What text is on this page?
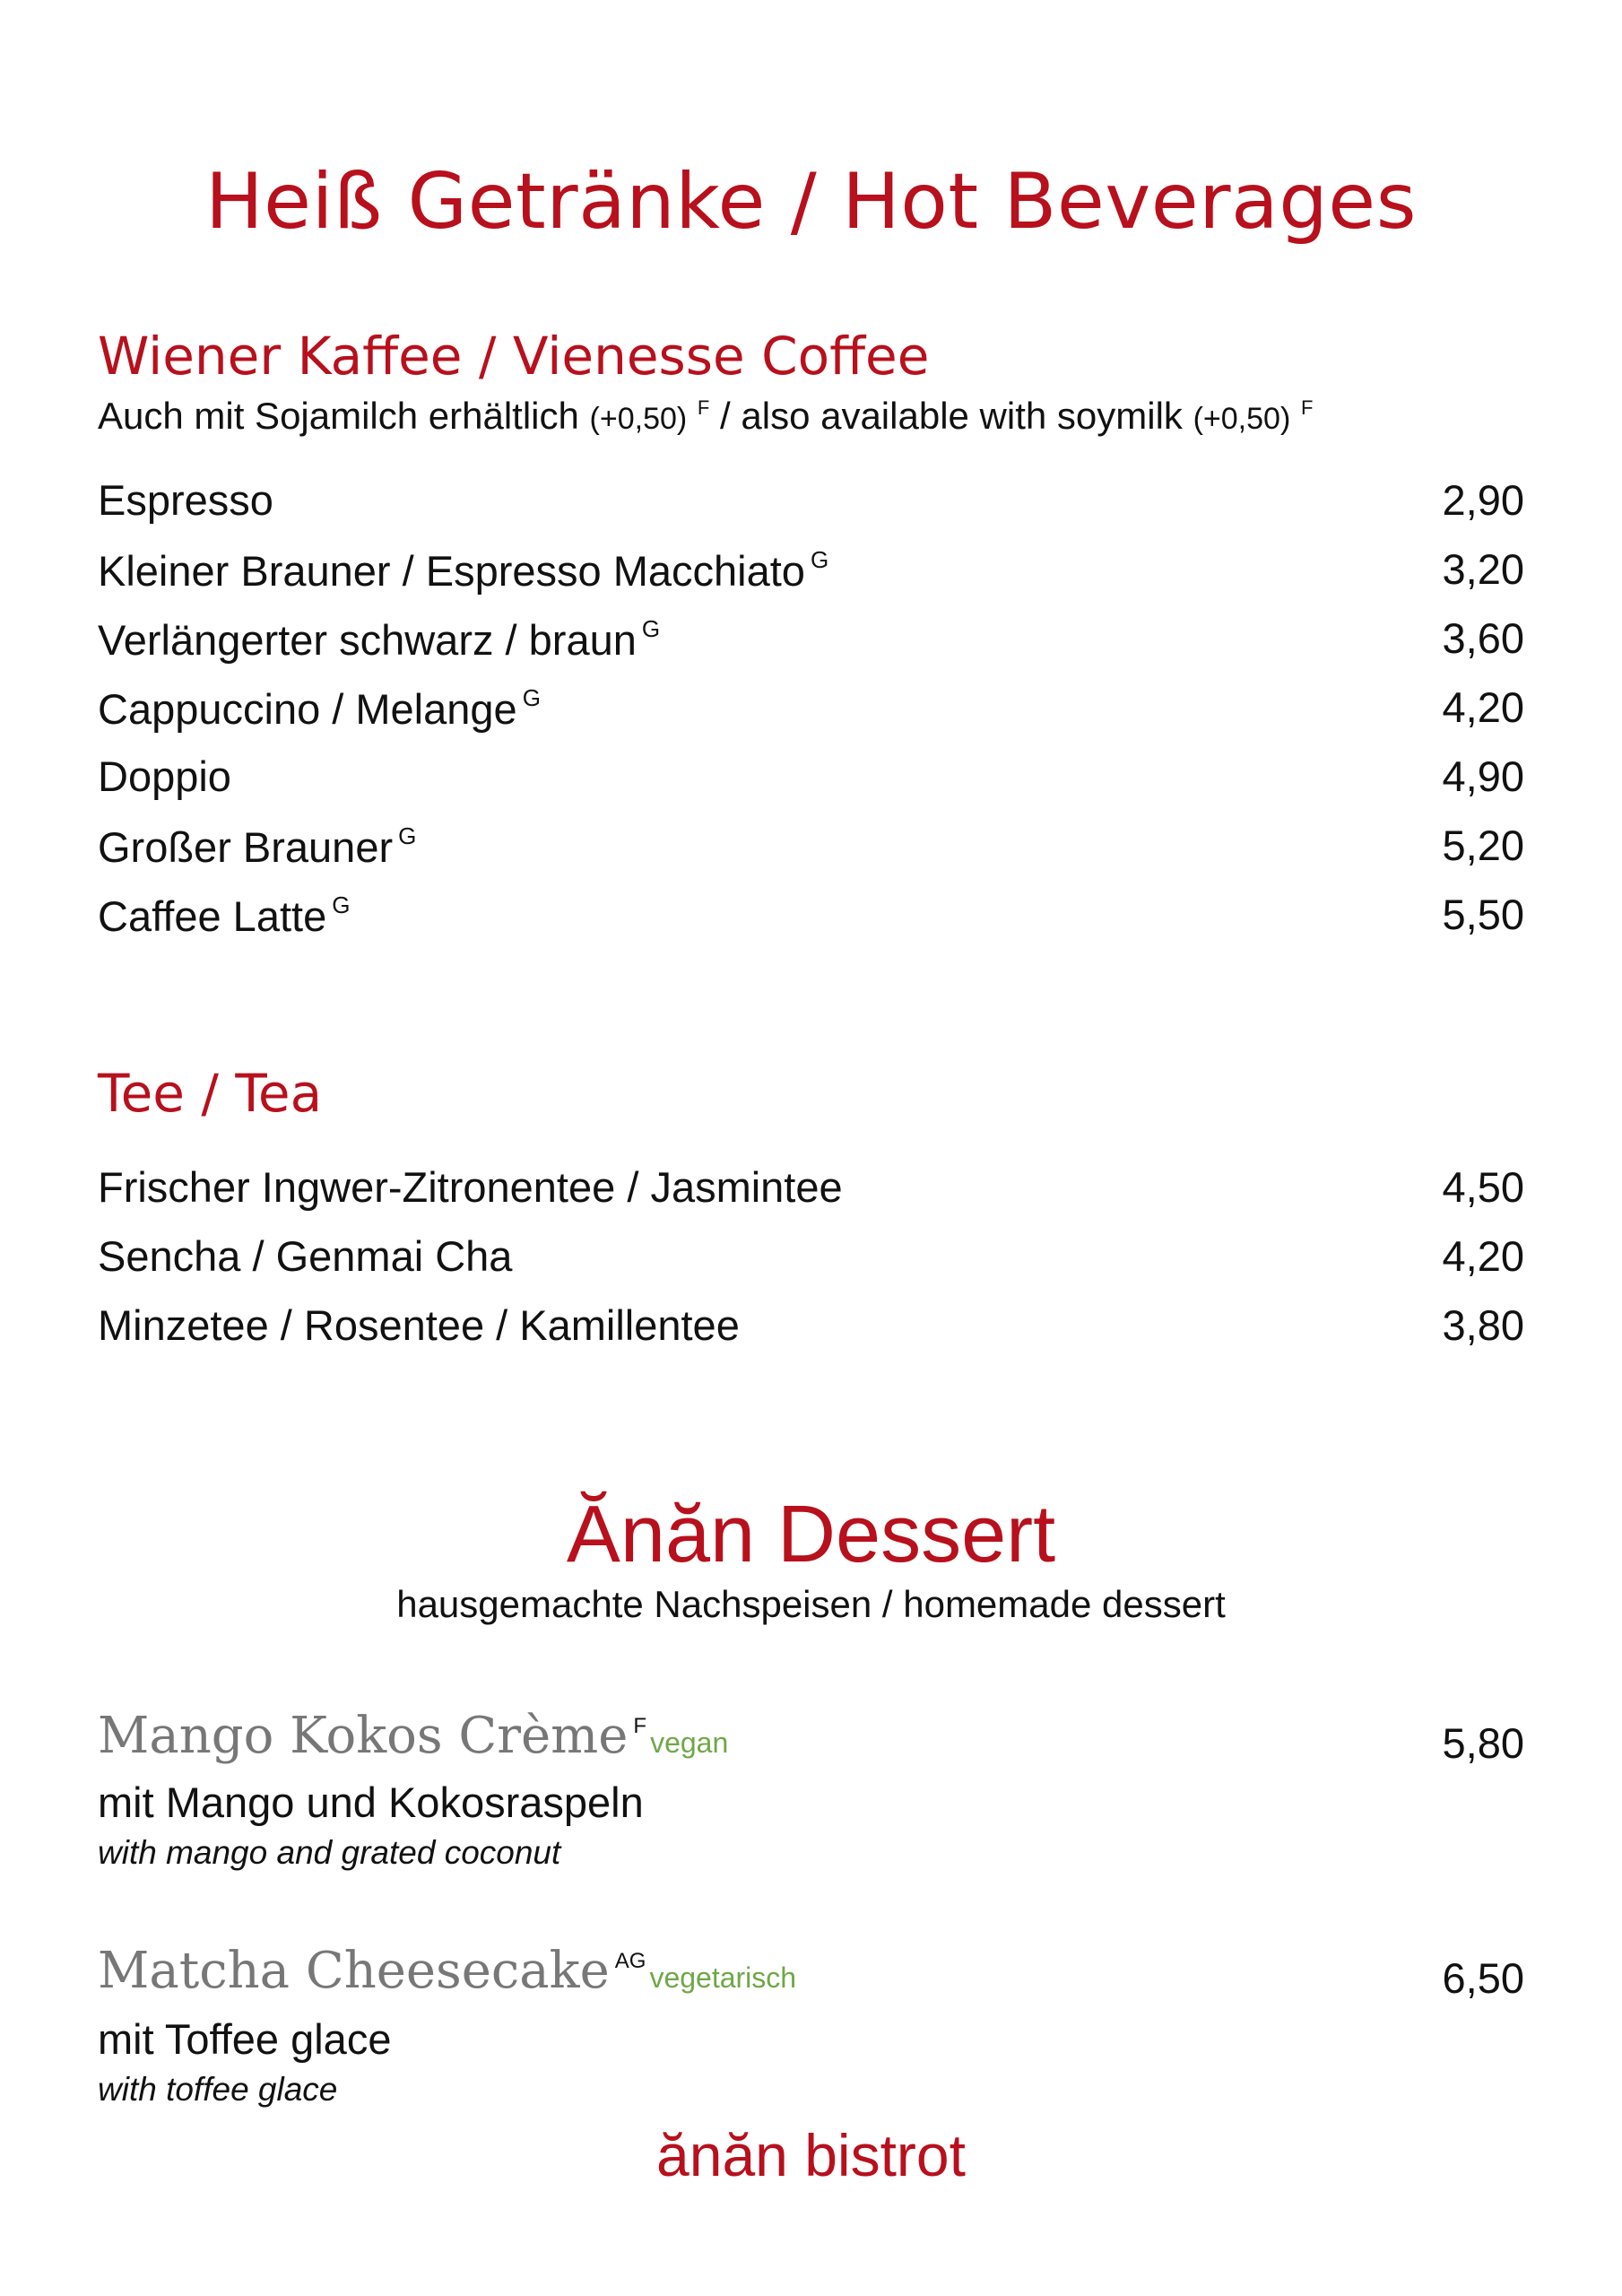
Heiß Getränke / Hot Beverages
Wiener Kaffee / Vienesse Coffee
Auch mit Sojamilch erhältlich (+0,50) $^F$ / also available with soymilk (+0,50) $^F$
Espresso	2,90
Kleiner Brauner / Espresso Macchiato $^G$	3,20
Verlängerter schwarz / braun $^G$	3,60
Cappuccino / Melange $^G$	4,20
Doppio	4,90
Großer Brauner $^G$	5,20
Caffee Latte $^G$	5,50
Tee / Tea
Frischer Ingwer-Zitronentee / Jasmintee	4,50
Sencha / Genmai Cha	4,20
Minzetee / Rosentee / Kamillentee	3,80
Ănăn Dessert
hausgemachte Nachspeisen / homemade dessert
Mango Kokos Crème $^F$vegan	5,80
mit Mango und Kokosraspeln
with mango and grated coconut
Matcha Cheesecake $^{AG}$vegetarisch	6,50
mit Toffee glace
with toffee glace
ănăn bistrot
